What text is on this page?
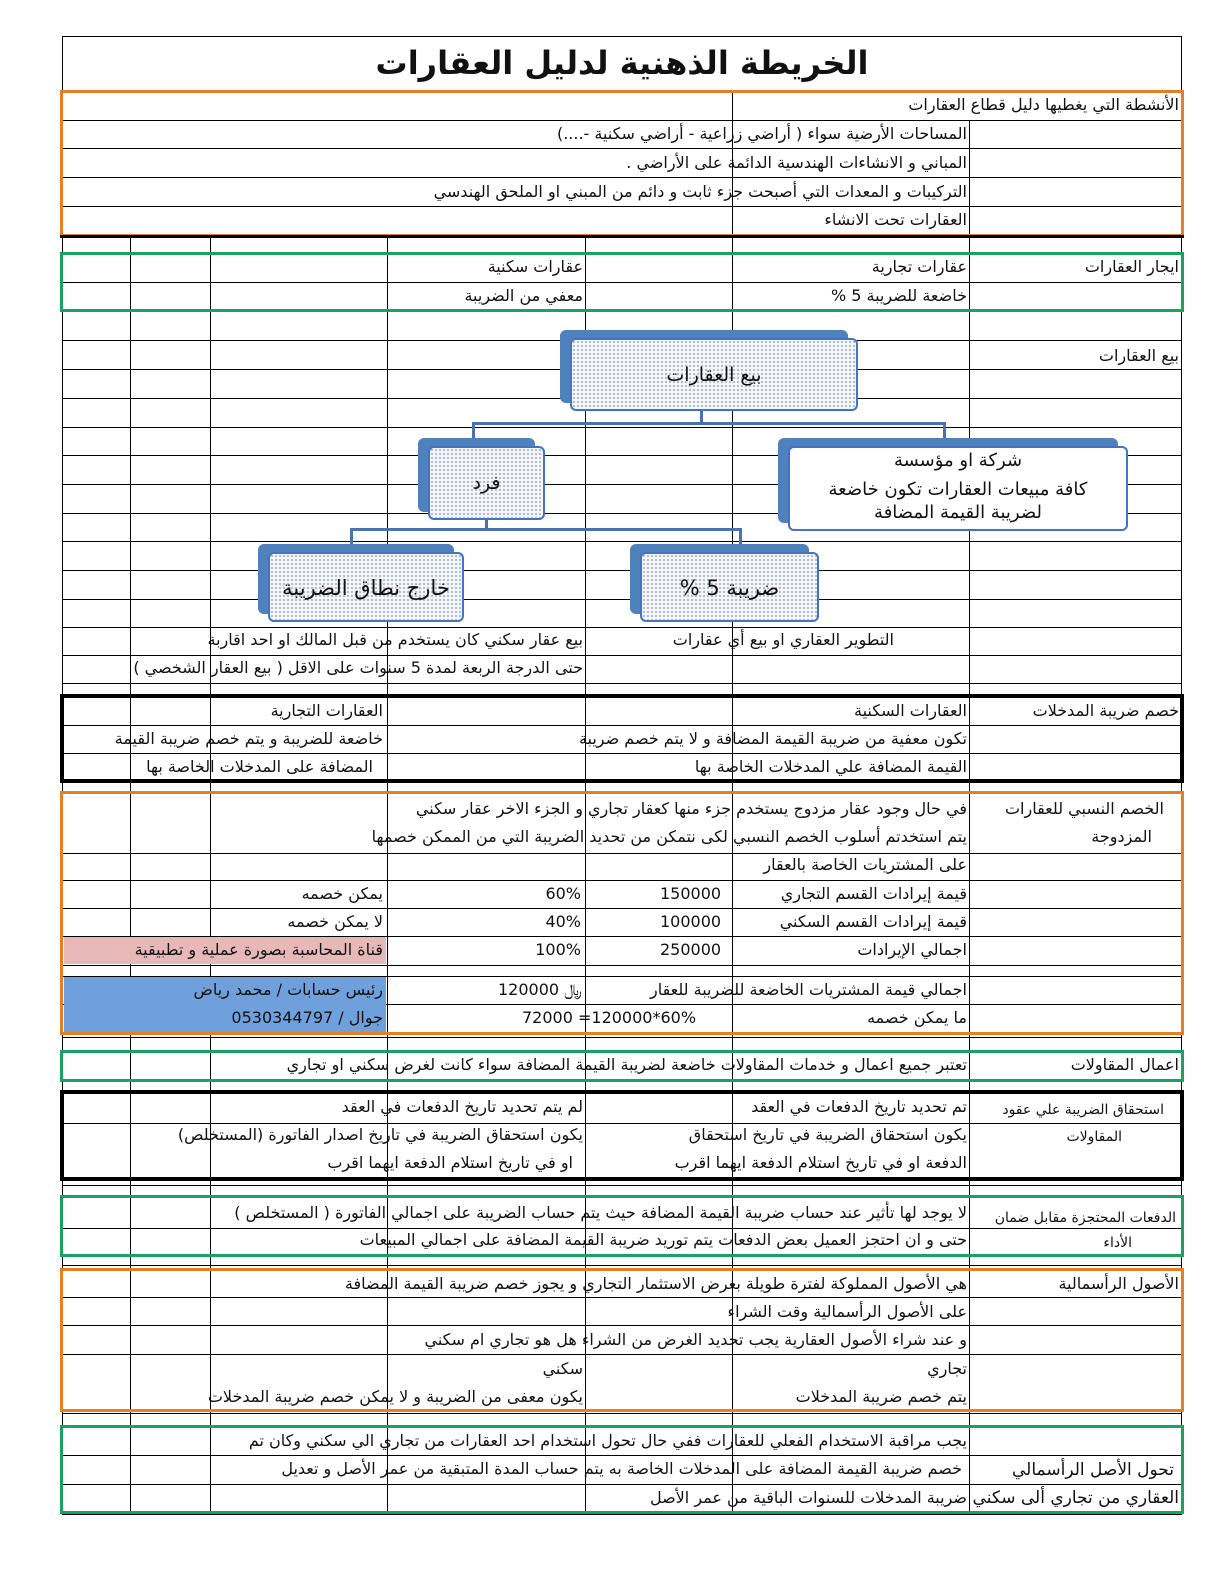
الخريطة الذهنية لدليل العقارات
الأنشطة التي يغطيها دليل قطاع العقارات
المساحات الأرضية سواء ( أراضي زراعية - أراضي سكنية -....)
المباني و الانشاءات الهندسية الدائمة على الأراضي .
التركيبات و المعدات التي أصبحت جزء ثابت و دائم من المبني او الملحق الهندسي
العقارات تحت الانشاء
ايجار العقارات
عقارات تجارية
خاضعة للضريبة 5 %
عقارات سكنية
معفي من الضريبة
بيع العقارات
بيع العقارات
شركة او مؤسسة
كافة مبيعات العقارات تكون خاضعة
لضريبة القيمة المضافة
فرد
ضريبة 5 %
خارج نطاق الضريبة
التطوير العقاري او بيع أي عقارات
بيع عقار سكني كان يستخدم من قبل المالك او احد اقاربة
حتى الدرجة الربعة لمدة 5 سنوات على الاقل ( بيع العقار الشخصي )
خصم ضريبة المدخلات
العقارات السكنية
تكون معفية من ضريبة القيمة المضافة و لا يتم خصم ضريبة
القيمة المضافة علي المدخلات الخاصة بها
العقارات التجارية
خاضعة للضريبة و يتم خصم ضريبة القيمة
المضافة على المدخلات الخاصة بها
الخصم النسبي للعقارات
المزدوجة
في حال وجود عقار مزدوج يستخدم جزء منها كعقار تجاري و الجزء الاخر عقار سكني
يتم استخدتم أسلوب الخصم النسبي لكى نتمكن من تحديد الضريبة التي من الممكن خصمها
على المشتريات الخاصة بالعقار
قيمة إيرادات القسم التجاري
150000
60%
يمكن خصمه
قيمة إيرادات القسم السكني
100000
40%
لا يمكن خصمه
اجمالي الإيرادات
250000
100%
قناة المحاسبة بصورة عملية و تطبيقية
اجمالي قيمة المشتريات الخاضعة للضريبة للعقار
120000 ﷼
رئيس حسابات / محمد رياض
ما يمكن خصمه
72000 =120000*60%
جوال / 0530344797
اعمال المقاولات
تعتبر جميع اعمال و خدمات المقاولات خاضعة لضريبة القيمة المضافة سواء كانت لغرض سكني او تجاري
استحقاق الضريبة علي عقود
المقاولات
تم تحديد تاريخ الدفعات في العقد
يكون استحقاق الضريبة في تاريخ استحقاق
الدفعة او في تاريخ استلام الدفعة ايهما اقرب
لم يتم تحديد تاريخ الدفعات في العقد
يكون استحقاق الضريبة في تاريخ اصدار الفاتورة (المستخلص)
او في تاريخ استلام الدفعة ايهما اقرب
الدفعات المحتجزة مقابل ضمان
الأداء
لا يوجد لها تأثير عند حساب ضريبة القيمة المضافة حيث يتم حساب الضريبة على اجمالي الفاتورة ( المستخلص )
حتى و ان احتجز العميل بعض الدفعات يتم توريد ضريبة القيمة المضافة على اجمالي المبيعات
الأصول الرأسمالية
هي الأصول المملوكة لفترة طويلة بغرض الاستثمار التجاري و يجوز خصم ضريبة القيمة المضافة
على الأصول الرأسمالية وقت الشراء
و عند شراء الأصول العقارية يجب تحديد الغرض من الشراء هل هو تجاري ام سكني
تجاري
يتم خصم ضريبة المدخلات
سكني
يكون معفى من الضريبة و لا يمكن خصم ضريبة المدخلات
تحول الأصل الرأسمالي
العقاري من تجاري ألى سكني
يجب مراقبة الاستخدام الفعلي للعقارات ففي حال تحول استخدام احد العقارات من تجاري الي سكني وكان تم
خصم ضريبة القيمة المضافة على المدخلات الخاصة به يتم حساب المدة المتبقية من عمر الأصل و تعديل
ضريبة المدخلات للسنوات الباقية من عمر الأصل
